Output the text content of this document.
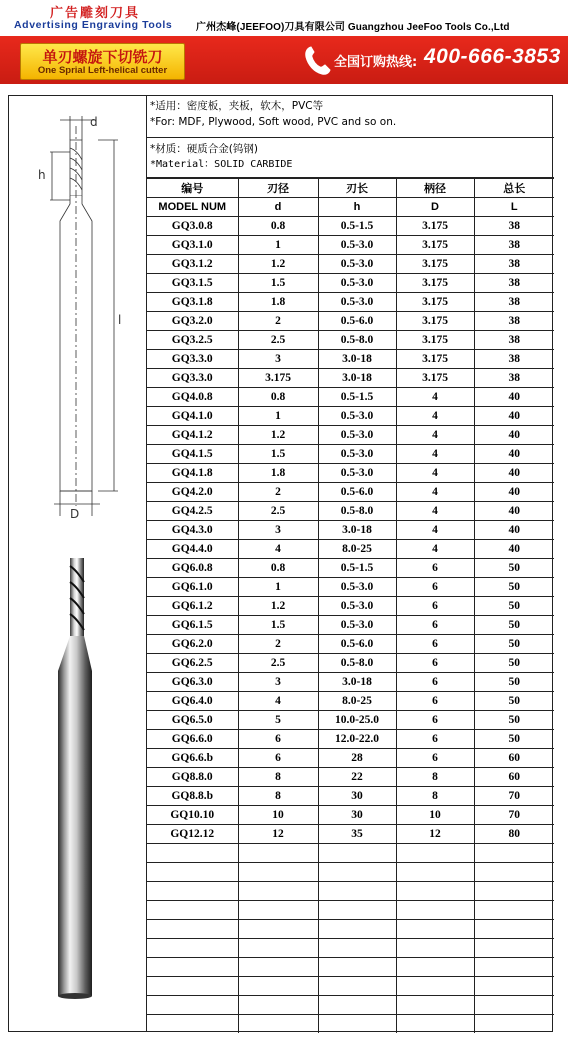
广告雕刻刀具
Advertising Engraving Tools 广州杰峰(JEEFOO)刀具有限公司 Guangzhou JeeFoo Tools Co.,Ltd
单刃螺旋下切铣刀
One Sprial Left-helical cutter
全国订购热线: 400-666-3853
d
h
l
D
*适用：密度板，夹板，软木，PVC等
*For: MDF, Plywood, Soft wood, PVC and so on.
*材质：硬质合金(钨钢)
*Material：SOLID CARBIDE
编号	刃径	刃长	柄径	总长
MODEL NUM	d	h	D	L
GQ3.0.8	0.8	0.5-1.5	3.175	38
GQ3.1.0	1	0.5-3.0	3.175	38
GQ3.1.2	1.2	0.5-3.0	3.175	38
GQ3.1.5	1.5	0.5-3.0	3.175	38
GQ3.1.8	1.8	0.5-3.0	3.175	38
GQ3.2.0	2	0.5-6.0	3.175	38
GQ3.2.5	2.5	0.5-8.0	3.175	38
GQ3.3.0	3	3.0-18	3.175	38
GQ3.3.0	3.175	3.0-18	3.175	38
GQ4.0.8	0.8	0.5-1.5	4	40
GQ4.1.0	1	0.5-3.0	4	40
GQ4.1.2	1.2	0.5-3.0	4	40
GQ4.1.5	1.5	0.5-3.0	4	40
GQ4.1.8	1.8	0.5-3.0	4	40
GQ4.2.0	2	0.5-6.0	4	40
GQ4.2.5	2.5	0.5-8.0	4	40
GQ4.3.0	3	3.0-18	4	40
GQ4.4.0	4	8.0-25	4	40
GQ6.0.8	0.8	0.5-1.5	6	50
GQ6.1.0	1	0.5-3.0	6	50
GQ6.1.2	1.2	0.5-3.0	6	50
GQ6.1.5	1.5	0.5-3.0	6	50
GQ6.2.0	2	0.5-6.0	6	50
GQ6.2.5	2.5	0.5-8.0	6	50
GQ6.3.0	3	3.0-18	6	50
GQ6.4.0	4	8.0-25	6	50
GQ6.5.0	5	10.0-25.0	6	50
GQ6.6.0	6	12.0-22.0	6	50
GQ6.6.b	6	28	6	60
GQ8.8.0	8	22	8	60
GQ8.8.b	8	30	8	70
GQ10.10	10	30	10	70
GQ12.12	12	35	12	80
